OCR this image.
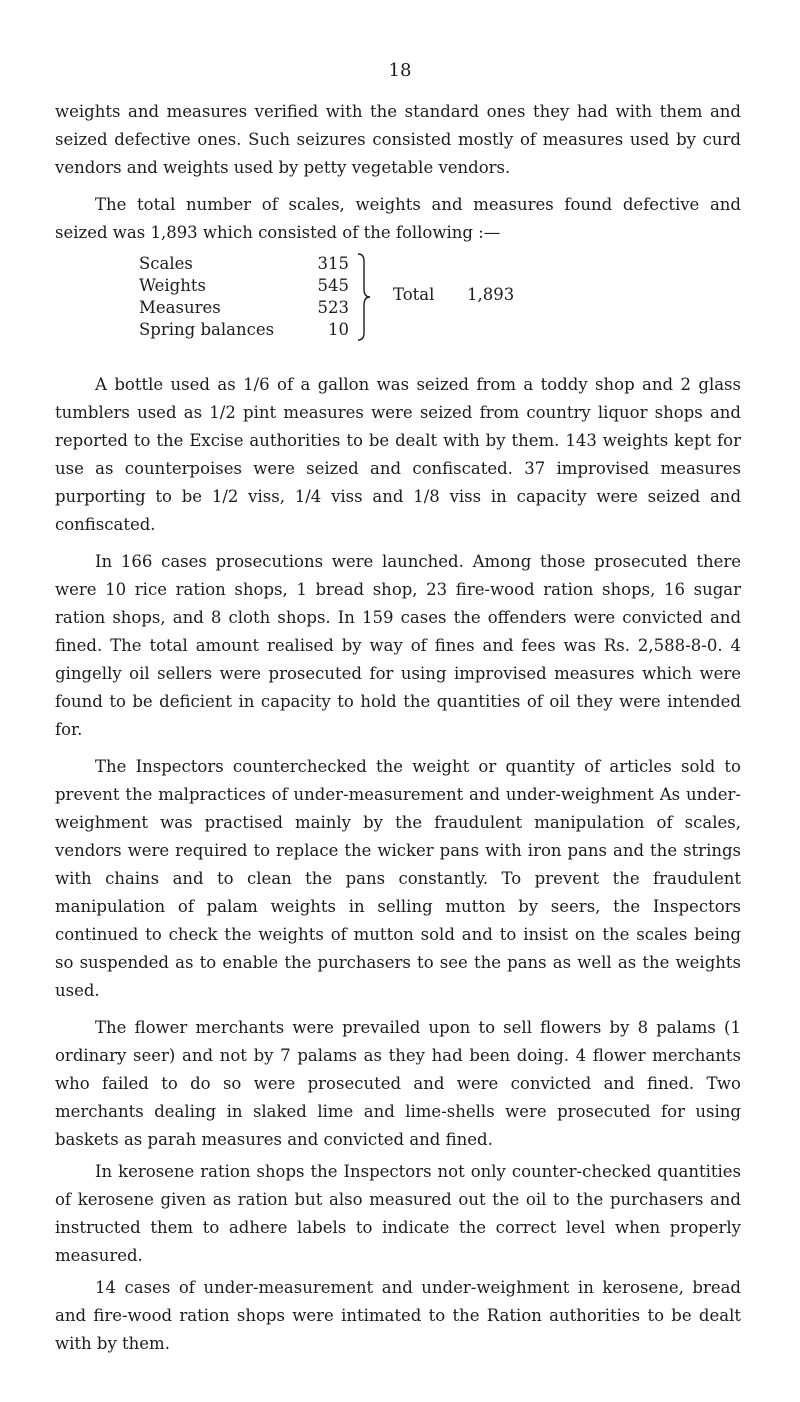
18

weights and measures verified with the standard ones they had with them and seized defective ones. Such seizures consisted mostly of measures used by curd vendors and weights used by petty vegetable vendors.

The total number of scales, weights and measures found defective and seized was 1,893 which consisted of the following :—

Scales	315
Weights	545
Measures	523
Spring balances	10
Total 1,893

A bottle used as 1/6 of a gallon was seized from a toddy shop and 2 glass tumblers used as 1/2 pint measures were seized from country liquor shops and reported to the Excise authorities to be dealt with by them. 143 weights kept for use as counterpoises were seized and confiscated. 37 improvised measures purporting to be 1/2 viss, 1/4 viss and 1/8 viss in capacity were seized and confiscated.

In 166 cases prosecutions were launched. Among those prosecuted there were 10 rice ration shops, 1 bread shop, 23 fire-wood ration shops, 16 sugar ration shops, and 8 cloth shops. In 159 cases the offenders were convicted and fined. The total amount realised by way of fines and fees was Rs. 2,588-8-0. 4 gingelly oil sellers were prosecuted for using improvised measures which were found to be deficient in capacity to hold the quantities of oil they were intended for.

The Inspectors counterchecked the weight or quantity of articles sold to prevent the malpractices of under-measurement and under-weighment As under-weighment was practised mainly by the fraudulent manipulation of scales, vendors were required to replace the wicker pans with iron pans and the strings with chains and to clean the pans constantly. To prevent the fraudulent manipulation of palam weights in selling mutton by seers, the Inspectors continued to check the weights of mutton sold and to insist on the scales being so suspended as to enable the purchasers to see the pans as well as the weights used.

The flower merchants were prevailed upon to sell flowers by 8 palams (1 ordinary seer) and not by 7 palams as they had been doing. 4 flower merchants who failed to do so were prosecuted and were convicted and fined. Two merchants dealing in slaked lime and lime-shells were prosecuted for using baskets as parah measures and convicted and fined.

In kerosene ration shops the Inspectors not only counter-checked quantities of kerosene given as ration but also measured out the oil to the purchasers and instructed them to adhere labels to indicate the correct level when properly measured.

14 cases of under-measurement and under-weighment in kerosene, bread and fire-wood ration shops were intimated to the Ration authorities to be dealt with by them.
